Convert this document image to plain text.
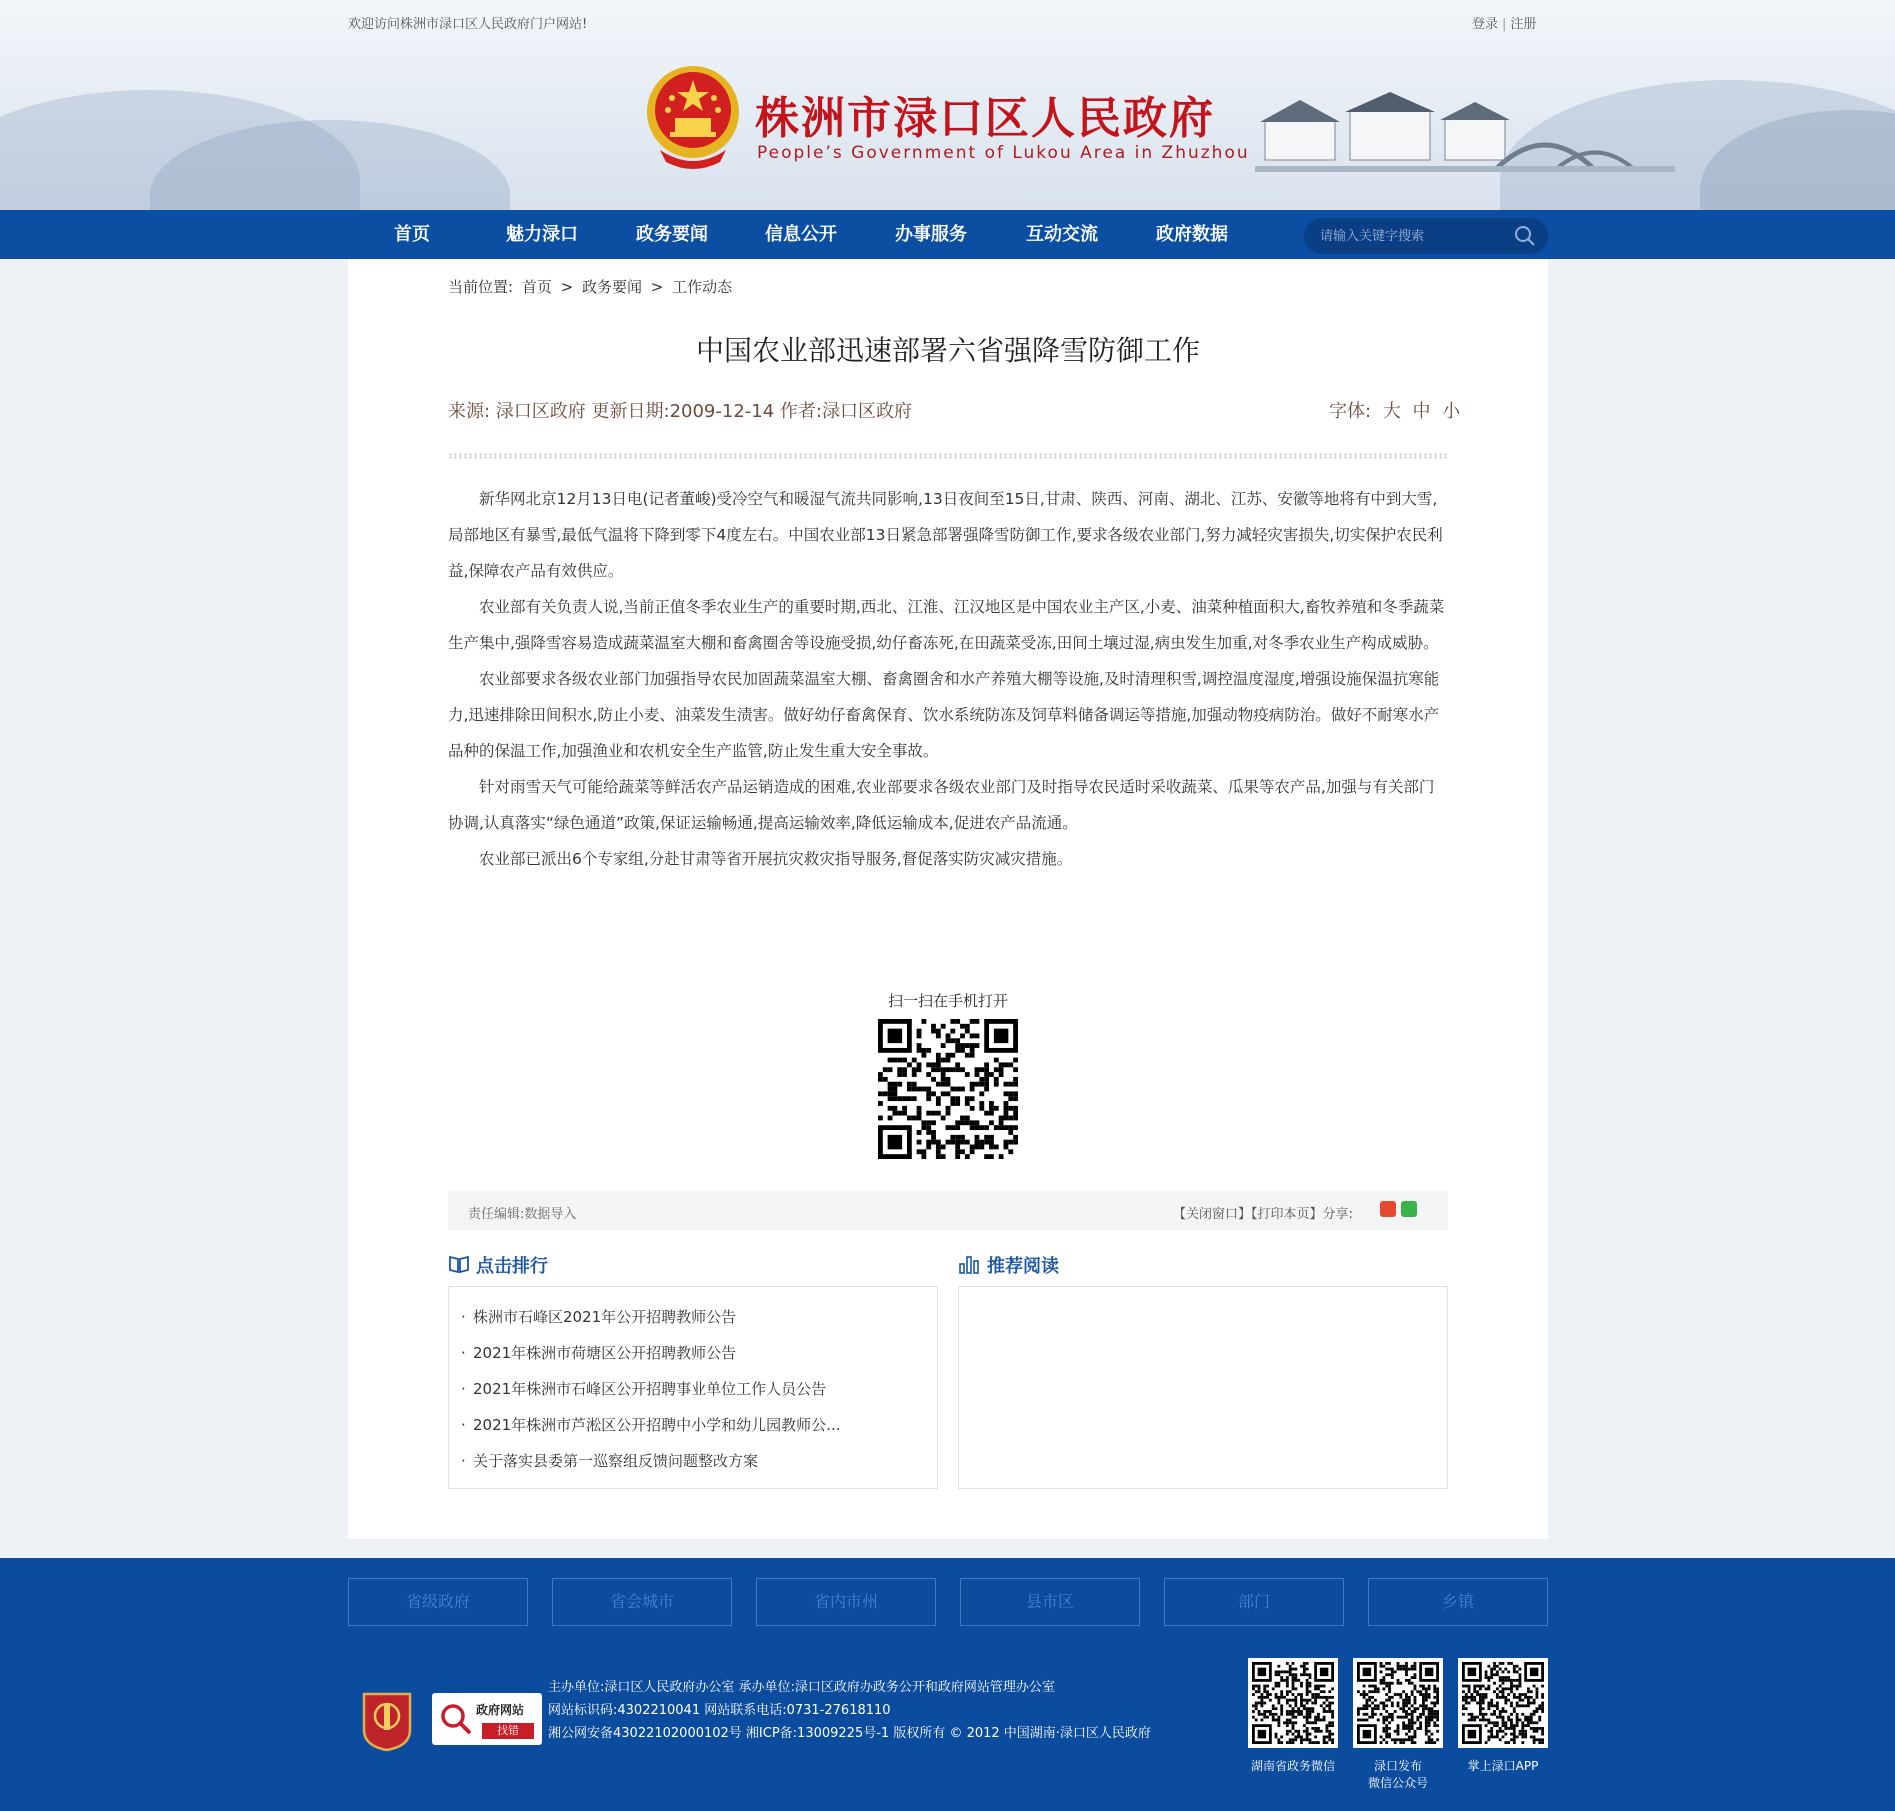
欢迎访问株洲市渌口区人民政府门户网站!	登录 | 注册
株洲市渌口区人民政府
People’s Government of Lukou Area in Zhuzhou
首页	魅力渌口	政务要闻	信息公开	办事服务	互动交流	政府数据
请输入关键字搜索
当前位置: 首页 > 政务要闻 > 工作动态
中国农业部迅速部署六省强降雪防御工作
来源: 渌口区政府 更新日期:2009-12-14 作者:渌口区政府	字体: 大 中 小

新华网北京12月13日电(记者董峻)受冷空气和暖湿气流共同影响,13日夜间至15日,甘肃、陕西、河南、湖北、江苏、安徽等地将有中到大雪,局部地区有暴雪,最低气温将下降到零下4度左右。中国农业部13日紧急部署强降雪防御工作,要求各级农业部门,努力减轻灾害损失,切实保护农民利益,保障农产品有效供应。

农业部有关负责人说,当前正值冬季农业生产的重要时期,西北、江淮、江汉地区是中国农业主产区,小麦、油菜种植面积大,畜牧养殖和冬季蔬菜生产集中,强降雪容易造成蔬菜温室大棚和畜禽圈舍等设施受损,幼仔畜冻死,在田蔬菜受冻,田间土壤过湿,病虫发生加重,对冬季农业生产构成威胁。

农业部要求各级农业部门加强指导农民加固蔬菜温室大棚、畜禽圈舍和水产养殖大棚等设施,及时清理积雪,调控温度湿度,增强设施保温抗寒能力,迅速排除田间积水,防止小麦、油菜发生渍害。做好幼仔畜禽保育、饮水系统防冻及饲草料储备调运等措施,加强动物疫病防治。做好不耐寒水产品种的保温工作,加强渔业和农机安全生产监管,防止发生重大安全事故。

针对雨雪天气可能给蔬菜等鲜活农产品运销造成的困难,农业部要求各级农业部门及时指导农民适时采收蔬菜、瓜果等农产品,加强与有关部门协调,认真落实“绿色通道”政策,保证运输畅通,提高运输效率,降低运输成本,促进农产品流通。

农业部已派出6个专家组,分赴甘肃等省开展抗灾救灾指导服务,督促落实防灾减灾措施。

扫一扫在手机打开
责任编辑:数据导入	【关闭窗口】【打印本页】分享:
点击排行	推荐阅读
· 株洲市石峰区2021年公开招聘教师公告
· 2021年株洲市荷塘区公开招聘教师公告
· 2021年株洲市石峰区公开招聘事业单位工作人员公告
· 2021年株洲市芦淞区公开招聘中小学和幼儿园教师公...
· 关于落实县委第一巡察组反馈问题整改方案
省级政府	省会城市	省内市州	县市区	部门	乡镇
政府网站
找错
主办单位:渌口区人民政府办公室 承办单位:渌口区政府办政务公开和政府网站管理办公室
网站标识码:4302210041 网站联系电话:0731-27618110
湘公网安备43022102000102号 湘ICP备:13009225号-1 版权所有 © 2012 中国湖南·渌口区人民政府
湖南省政务微信	渌口发布
微信公众号
掌上渌口APP
